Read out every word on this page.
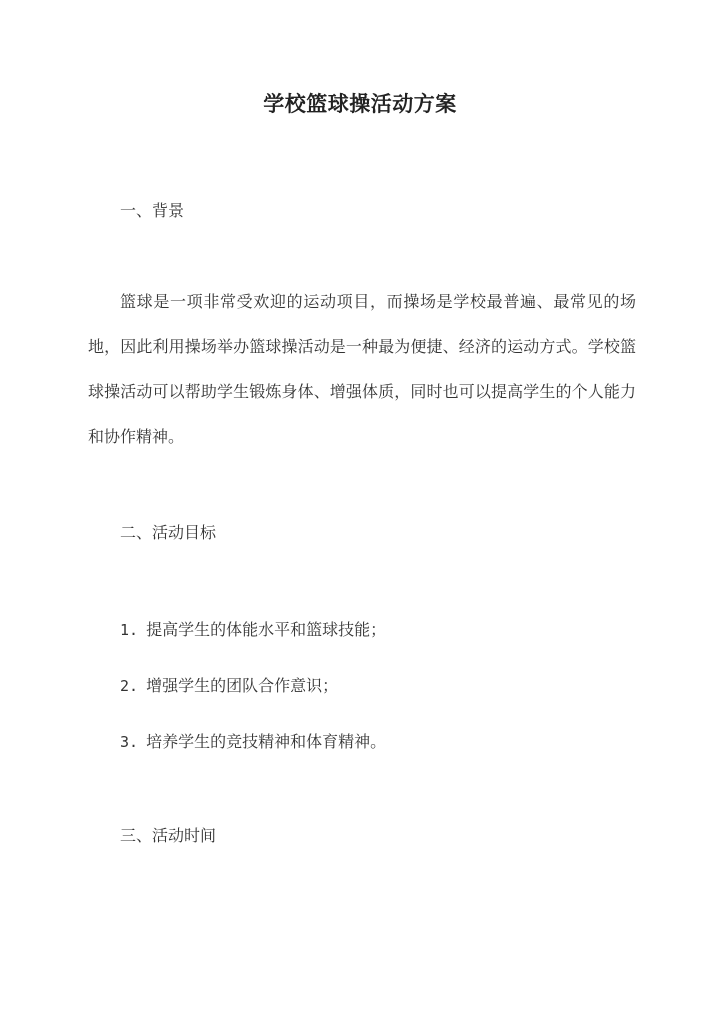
学校篮球操活动方案
一、背景

篮球是一项非常受欢迎的运动项目，而操场是学校最普遍、最常见的场地，因此利用操场举办篮球操活动是一种最为便捷、经济的运动方式。学校篮球操活动可以帮助学生锻炼身体、增强体质，同时也可以提高学生的个人能力和协作精神。

二、活动目标
1. 提高学生的体能水平和篮球技能；
2. 增强学生的团队合作意识；
3. 培养学生的竞技精神和体育精神。
三、活动时间
